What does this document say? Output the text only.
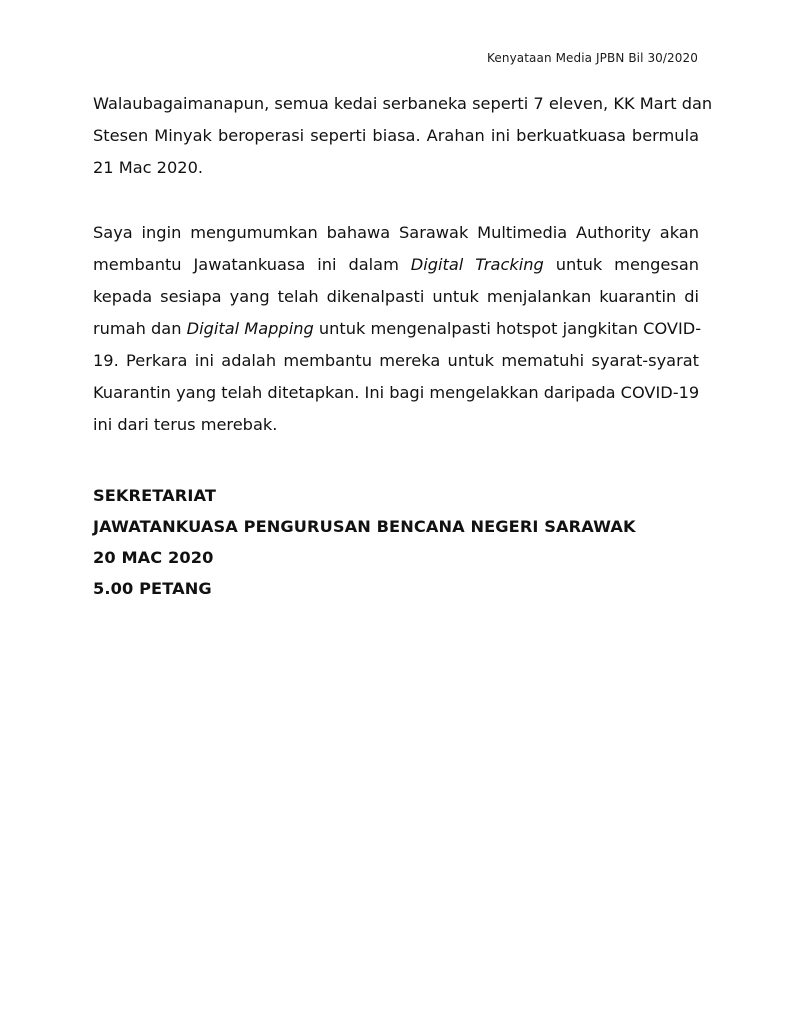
Kenyataan Media JPBN Bil 30/2020

Walaubagaimanapun, semua kedai serbaneka seperti 7 eleven, KK Mart dan
Stesen Minyak beroperasi seperti biasa. Arahan ini berkuatkuasa bermula
21 Mac 2020.

Saya ingin mengumumkan bahawa Sarawak Multimedia Authority akan
membantu Jawatankuasa ini dalam Digital Tracking untuk mengesan
kepada sesiapa yang telah dikenalpasti untuk menjalankan kuarantin di
rumah dan Digital Mapping untuk mengenalpasti hotspot jangkitan COVID-
19. Perkara ini adalah membantu mereka untuk mematuhi syarat-syarat
Kuarantin yang telah ditetapkan. Ini bagi mengelakkan daripada COVID-19
ini dari terus merebak.

SEKRETARIAT
JAWATANKUASA PENGURUSAN BENCANA NEGERI SARAWAK
20 MAC 2020
5.00 PETANG
